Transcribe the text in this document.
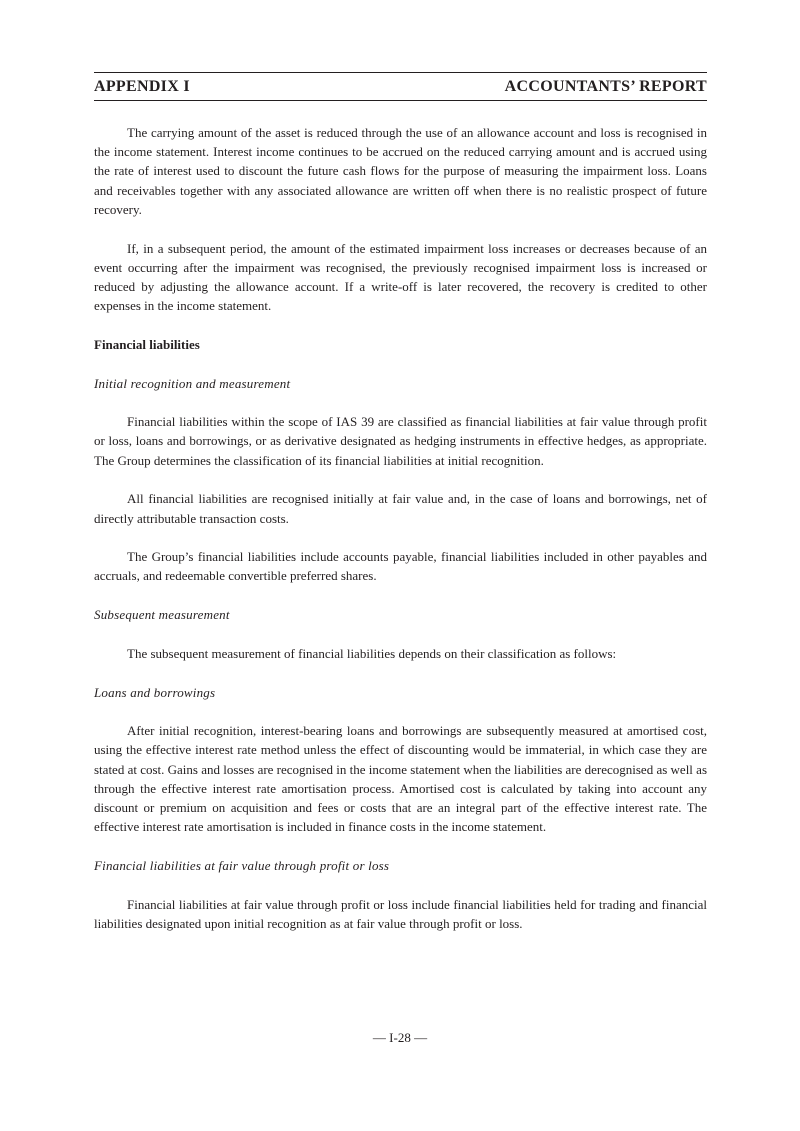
APPENDIX I	ACCOUNTANTS’ REPORT

The carrying amount of the asset is reduced through the use of an allowance account and loss is recognised in the income statement. Interest income continues to be accrued on the reduced carrying amount and is accrued using the rate of interest used to discount the future cash flows for the purpose of measuring the impairment loss. Loans and receivables together with any associated allowance are written off when there is no realistic prospect of future recovery.

If, in a subsequent period, the amount of the estimated impairment loss increases or decreases because of an event occurring after the impairment was recognised, the previously recognised impairment loss is increased or reduced by adjusting the allowance account. If a write-off is later recovered, the recovery is credited to other expenses in the income statement.

Financial liabilities

Initial recognition and measurement

Financial liabilities within the scope of IAS 39 are classified as financial liabilities at fair value through profit or loss, loans and borrowings, or as derivative designated as hedging instruments in effective hedges, as appropriate. The Group determines the classification of its financial liabilities at initial recognition.

All financial liabilities are recognised initially at fair value and, in the case of loans and borrowings, net of directly attributable transaction costs.

The Group’s financial liabilities include accounts payable, financial liabilities included in other payables and accruals, and redeemable convertible preferred shares.

Subsequent measurement

The subsequent measurement of financial liabilities depends on their classification as follows:

Loans and borrowings

After initial recognition, interest-bearing loans and borrowings are subsequently measured at amortised cost, using the effective interest rate method unless the effect of discounting would be immaterial, in which case they are stated at cost. Gains and losses are recognised in the income statement when the liabilities are derecognised as well as through the effective interest rate amortisation process. Amortised cost is calculated by taking into account any discount or premium on acquisition and fees or costs that are an integral part of the effective interest rate. The effective interest rate amortisation is included in finance costs in the income statement.

Financial liabilities at fair value through profit or loss

Financial liabilities at fair value through profit or loss include financial liabilities held for trading and financial liabilities designated upon initial recognition as at fair value through profit or loss.

— I-28 —
